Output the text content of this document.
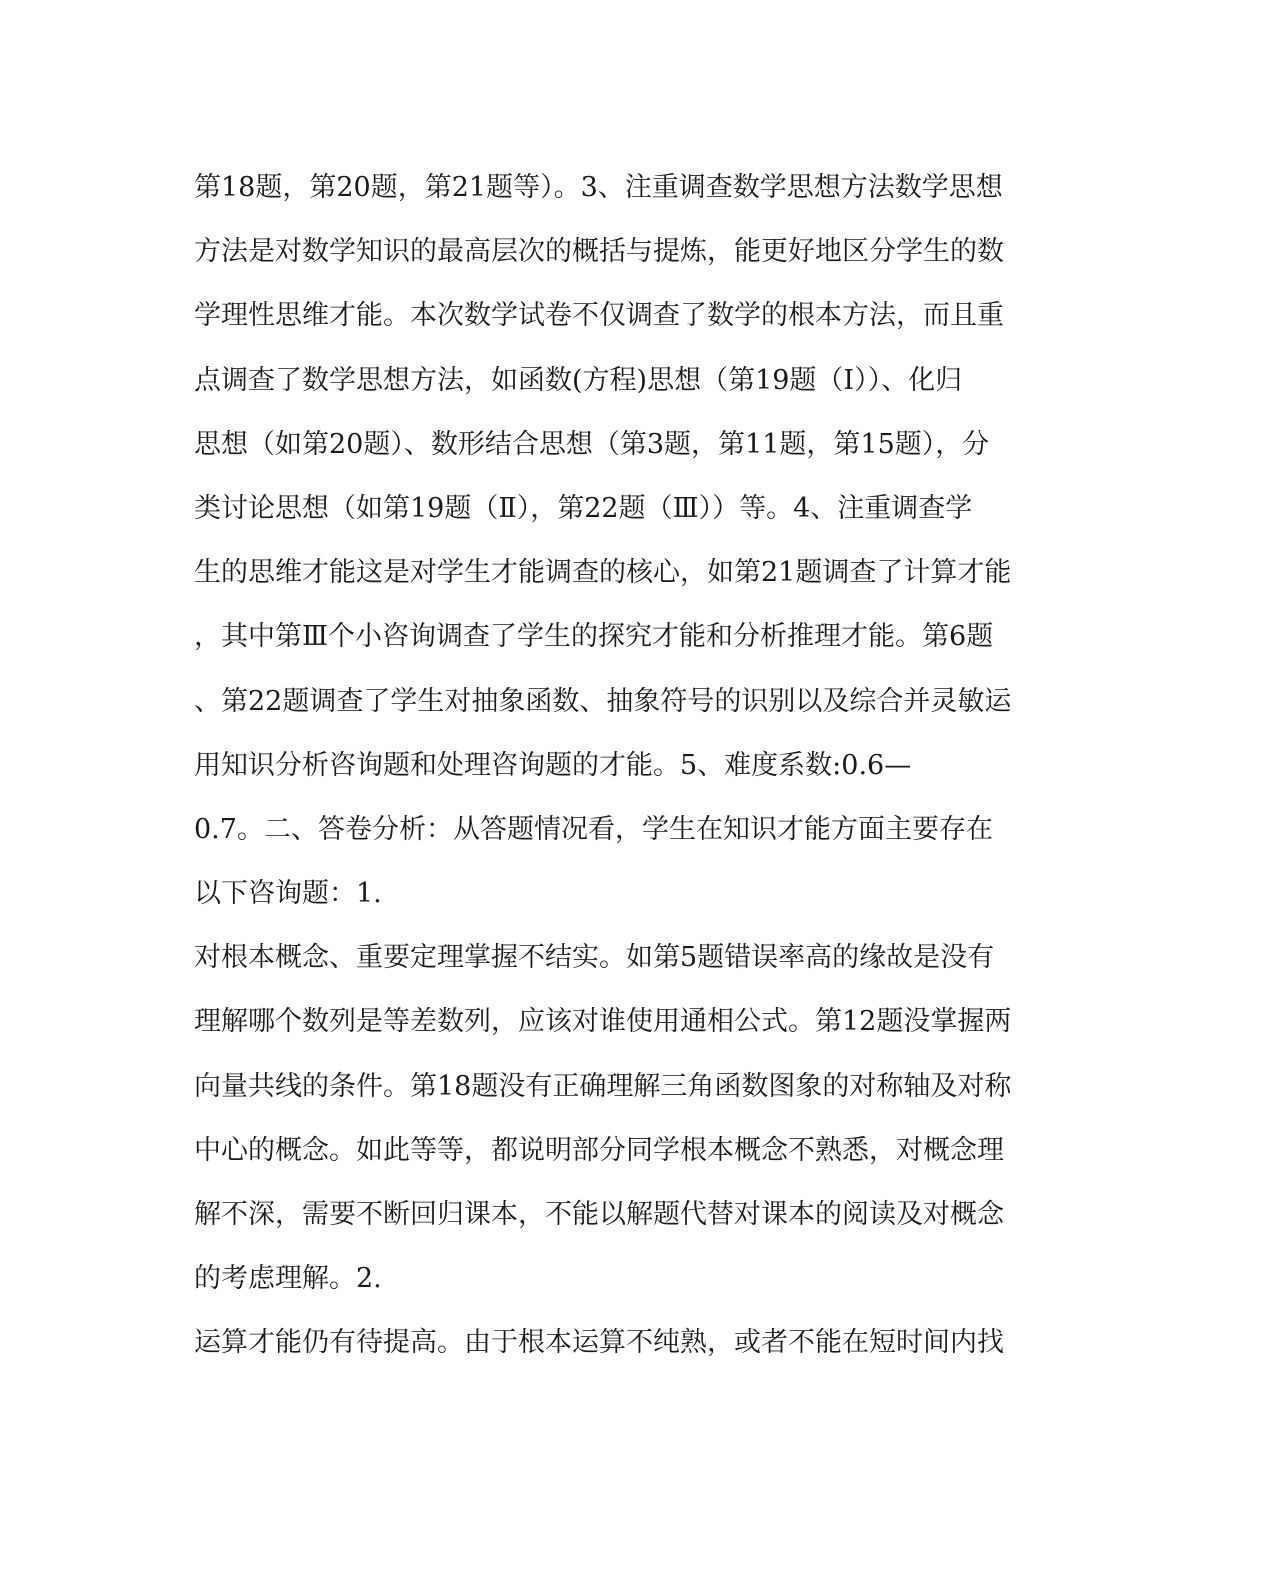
第18题，第20题，第21题等）。3、注重调查数学思想方法数学思想
方法是对数学知识的最高层次的概括与提炼，能更好地区分学生的数
学理性思维才能。本次数学试卷不仅调查了数学的根本方法，而且重
点调查了数学思想方法，如函数(方程)思想（第19题（Ⅰ））、化归
思想（如第20题）、数形结合思想（第3题，第11题，第15题），分
类讨论思想（如第19题（Ⅱ），第22题（Ⅲ））等。4、注重调查学
生的思维才能这是对学生才能调查的核心，如第21题调查了计算才能
，其中第Ⅲ个小咨询调查了学生的探究才能和分析推理才能。第6题
、第22题调查了学生对抽象函数、抽象符号的识别以及综合并灵敏运
用知识分析咨询题和处理咨询题的才能。5、难度系数:0.6—
0.7。二、答卷分析：从答题情况看，学生在知识才能方面主要存在
以下咨询题：1.
对根本概念、重要定理掌握不结实。如第5题错误率高的缘故是没有
理解哪个数列是等差数列，应该对谁使用通相公式。第12题没掌握两
向量共线的条件。第18题没有正确理解三角函数图象的对称轴及对称
中心的概念。如此等等，都说明部分同学根本概念不熟悉，对概念理
解不深，需要不断回归课本，不能以解题代替对课本的阅读及对概念
的考虑理解。2.
运算才能仍有待提高。由于根本运算不纯熟，或者不能在短时间内找
